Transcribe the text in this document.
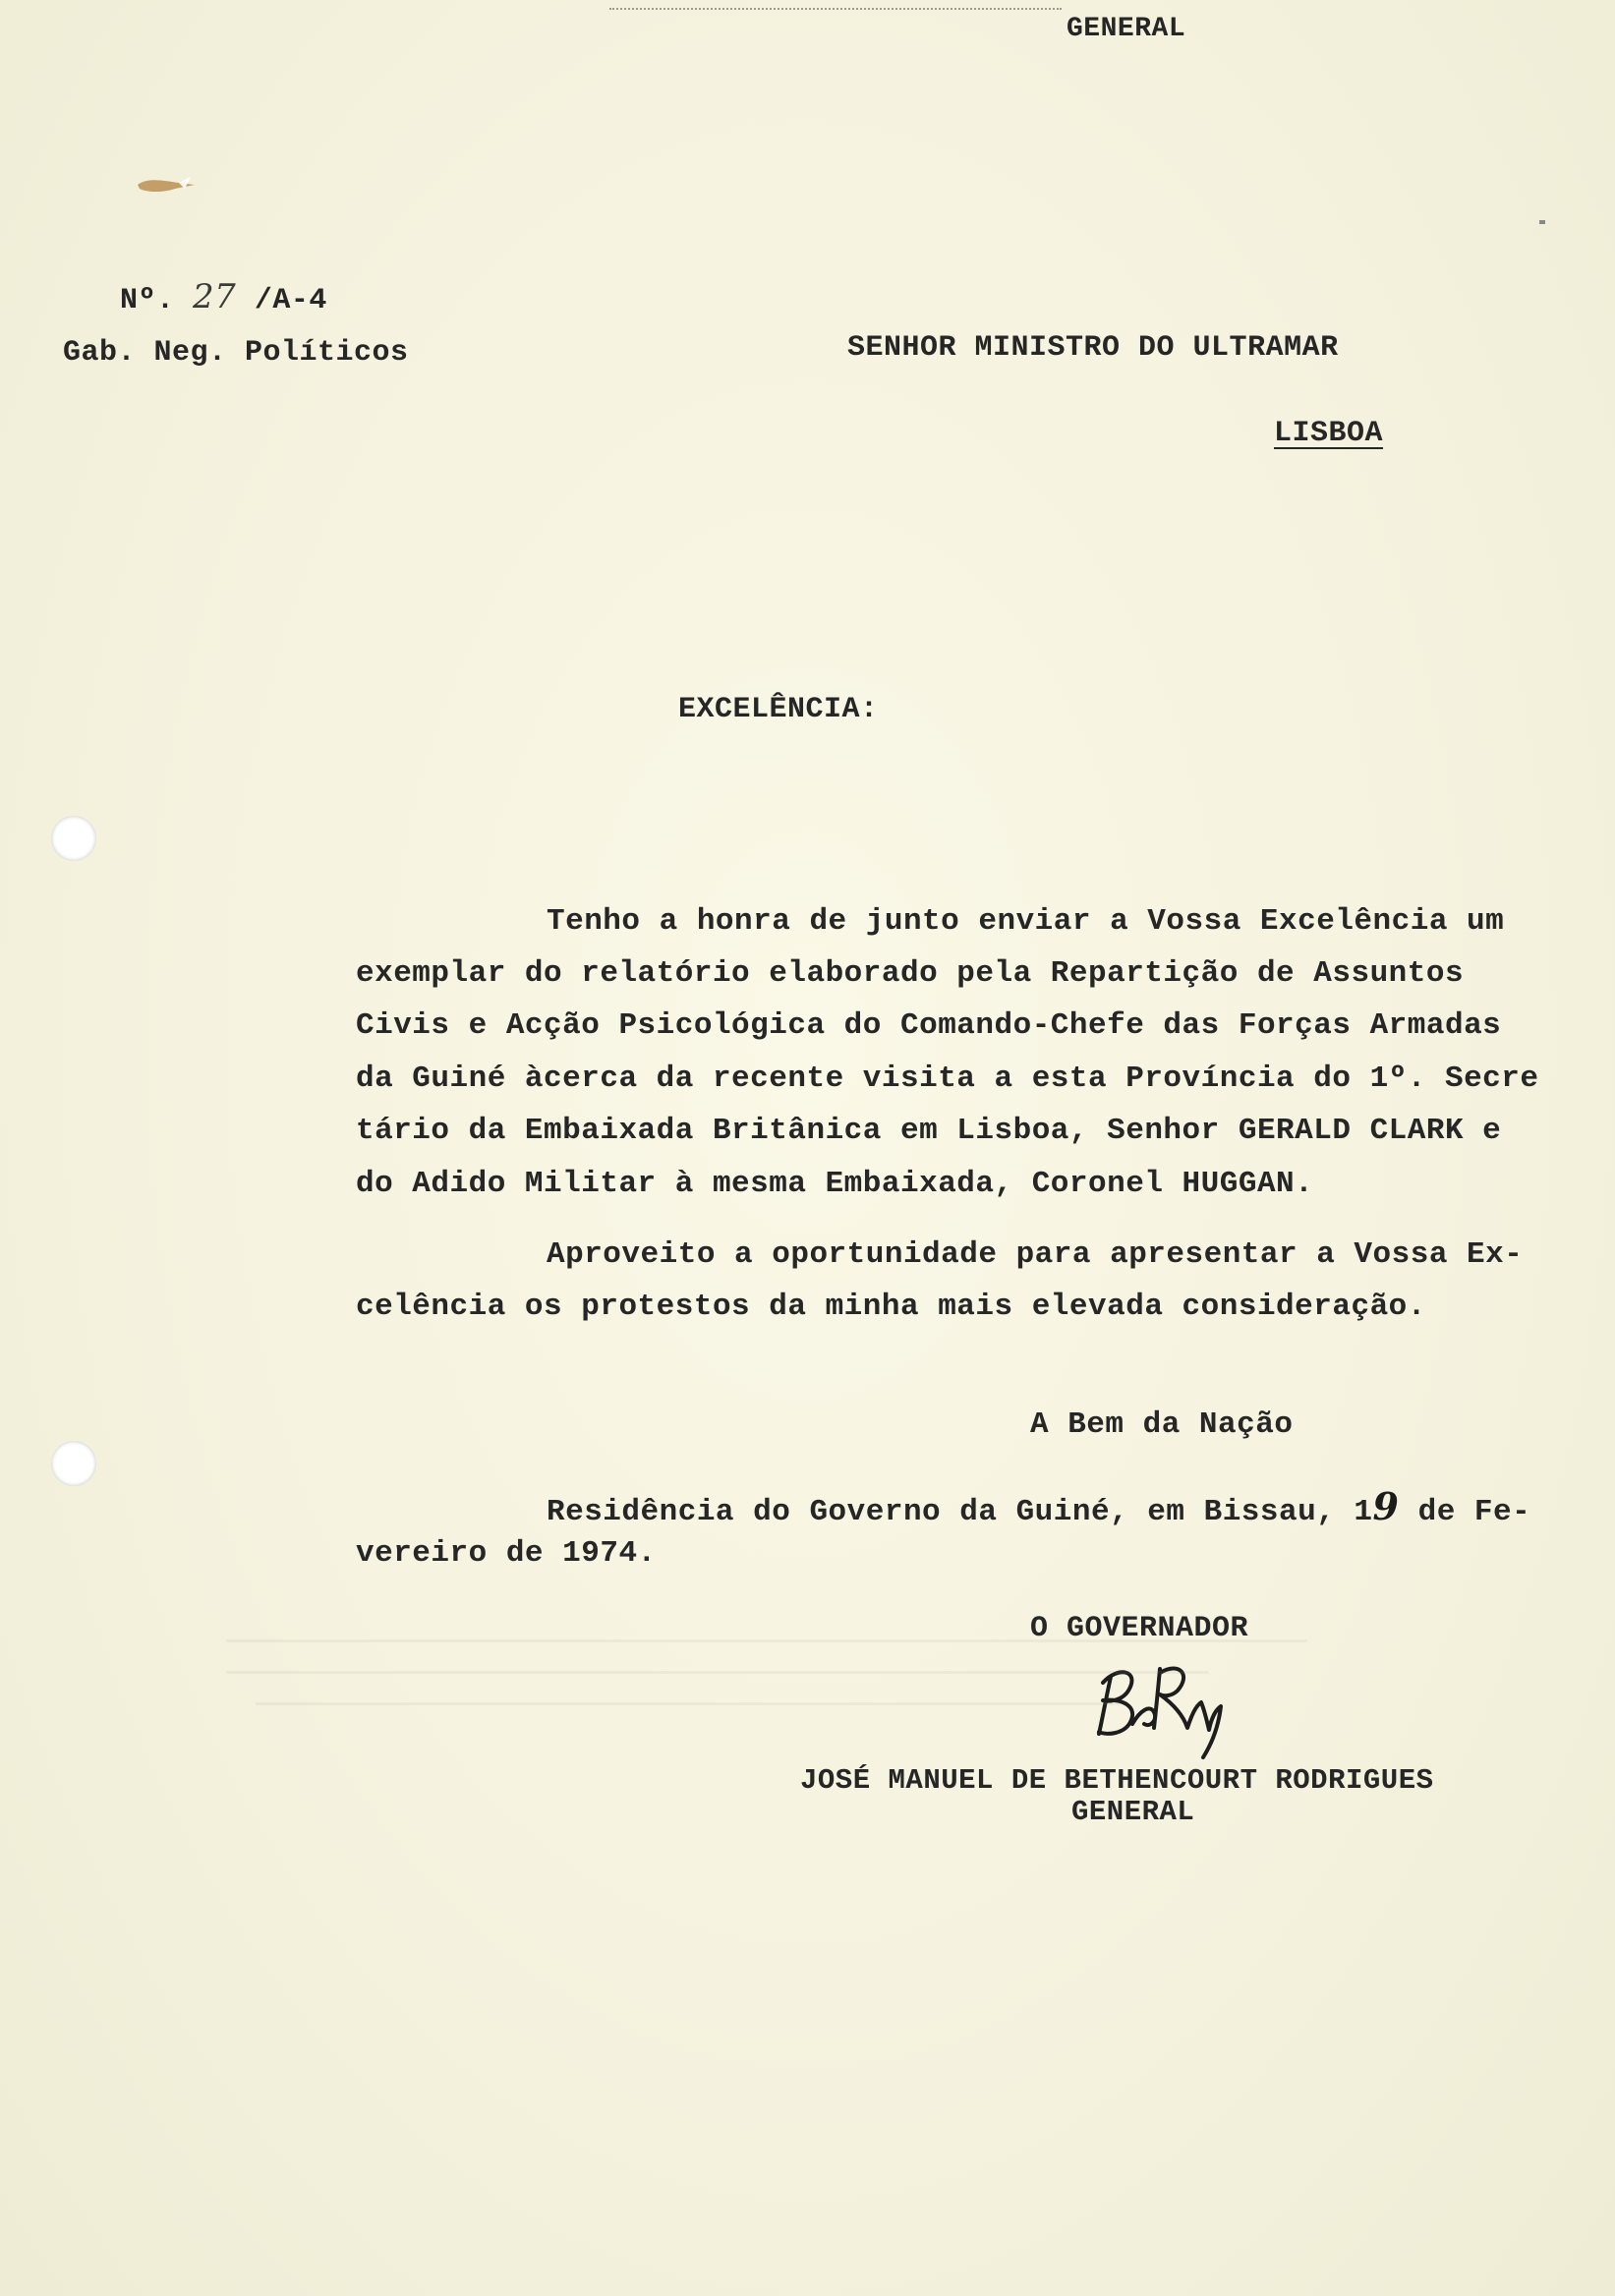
GENERAL
Nº. 27 /A-4
Gab. Neg. Políticos	SENHOR MINISTRO DO ULTRAMAR
LISBOA
EXCELÊNCIA:
Tenho a honra de junto enviar a Vossa Excelência um
exemplar do relatório elaborado pela Repartição de Assuntos
Civis e Acção Psicológica do Comando-Chefe das Forças Armadas
da Guiné àcerca da recente visita a esta Província do 1º. Secre
tário da Embaixada Britânica em Lisboa, Senhor GERALD CLARK e
do Adido Militar à mesma Embaixada, Coronel HUGGAN.
Aproveito a oportunidade para apresentar a Vossa Ex-
celência os protestos da minha mais elevada consideração.
A Bem da Nação
Residência do Governo da Guiné, em Bissau, 19 de Fe-
vereiro de 1974.
O GOVERNADOR
JOSÉ MANUEL DE BETHENCOURT RODRIGUES
GENERAL
